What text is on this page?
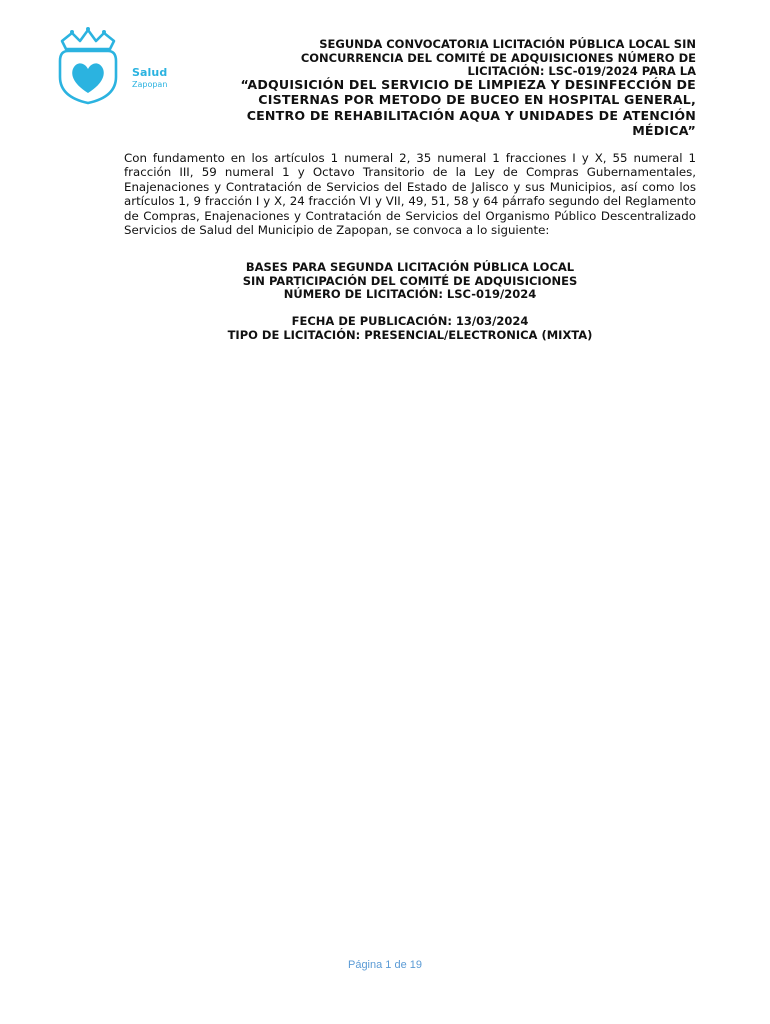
Salud
Zapopan
SEGUNDA CONVOCATORIA LICITACIÓN PÚBLICA LOCAL SIN
CONCURRENCIA DEL COMITÉ DE ADQUISICIONES NÚMERO DE
LICITACIÓN: LSC-019/2024 PARA LA
“ADQUISICIÓN DEL SERVICIO DE LIMPIEZA Y DESINFECCIÓN DE
CISTERNAS POR METODO DE BUCEO EN HOSPITAL GENERAL,
CENTRO DE REHABILITACIÓN AQUA Y UNIDADES DE ATENCIÓN
MÉDICA”

Con fundamento en los artículos 1 numeral 2, 35 numeral 1 fracciones I y X, 55 numeral 1 fracción III, 59 numeral 1 y Octavo Transitorio de la Ley de Compras Gubernamentales, Enajenaciones y Contratación de Servicios del Estado de Jalisco y sus Municipios, así como los artículos 1, 9 fracción I y X, 24 fracción VI y VII, 49, 51, 58 y 64 párrafo segundo del Reglamento de Compras, Enajenaciones y Contratación de Servicios del Organismo Público Descentralizado Servicios de Salud del Municipio de Zapopan, se convoca a lo siguiente:

BASES PARA SEGUNDA LICITACIÓN PÚBLICA LOCAL
SIN PARTICIPACIÓN DEL COMITÉ DE ADQUISICIONES
NÚMERO DE LICITACIÓN: LSC-019/2024
FECHA DE PUBLICACIÓN: 13/03/2024
TIPO DE LICITACIÓN: PRESENCIAL/ELECTRONICA (MIXTA)
Página 1 de 19
